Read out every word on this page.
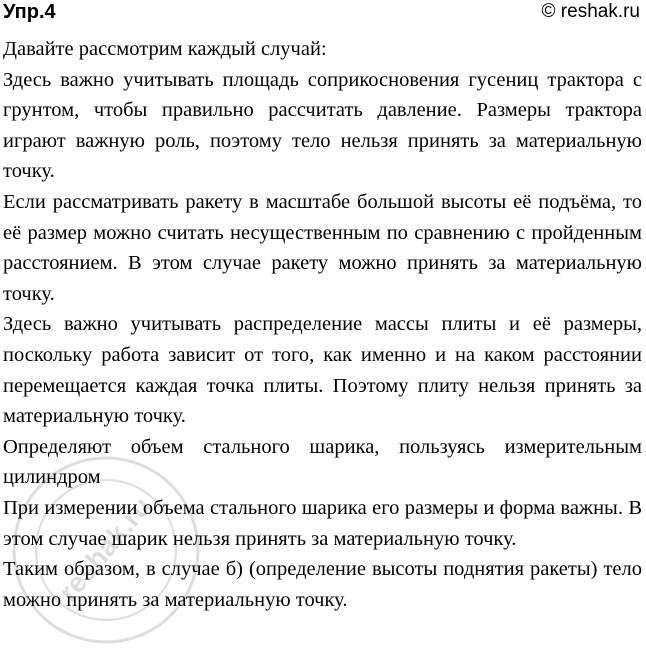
Упр.4	© reshak.ru

Давайте рассмотрим каждый случай:

Здесь важно учитывать площадь соприкосновения гусениц трактора с грунтом, чтобы правильно рассчитать давление. Размеры трактора играют важную роль, поэтому тело нельзя принять за материальную точку.

Если рассматривать ракету в масштабе большой высоты её подъёма, то её размер можно считать несущественным по сравнению с пройденным расстоянием. В этом случае ракету можно принять за материальную точку.

Здесь важно учитывать распределение массы плиты и её размеры, поскольку работа зависит от того, как именно и на каком расстоянии перемещается каждая точка плиты. Поэтому плиту нельзя принять за материальную точку.

Определяют объем стального шарика, пользуясь измерительным цилиндром

При измерении объема стального шарика его размеры и форма важны. В этом случае шарик нельзя принять за материальную точку.

Таким образом, в случае б) (определение высоты поднятия ракеты) тело можно принять за материальную точку.

reshak.ru
